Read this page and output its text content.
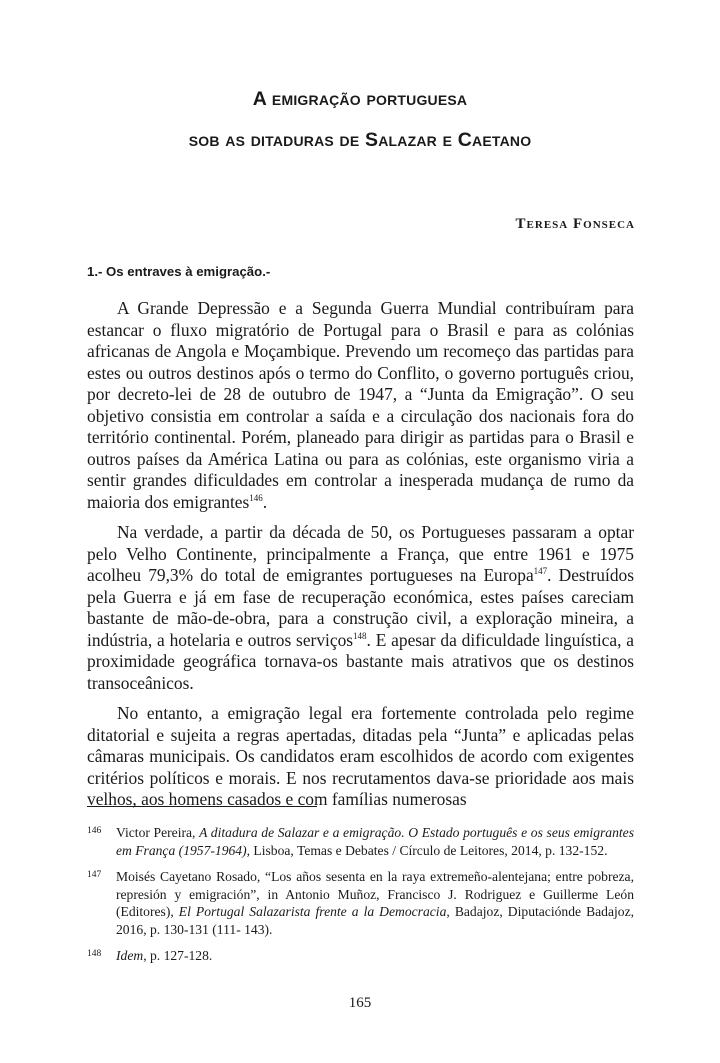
A emigração portuguesa
sob as ditaduras de Salazar e Caetano
Teresa Fonseca
1.- Os entraves à emigração.-

A Grande Depressão e a Segunda Guerra Mundial contribuíram para estancar o fluxo migratório de Portugal para o Brasil e para as colónias africanas de Angola e Moçambique. Prevendo um recomeço das partidas para estes ou outros destinos após o termo do Conflito, o governo português criou, por decreto-lei de 28 de outubro de 1947, a “Junta da Emigração”. O seu objetivo consistia em controlar a saída e a circulação dos nacionais fora do território continental. Porém, planeado para dirigir as partidas para o Brasil e outros países da América Latina ou para as colónias, este organismo viria a sentir grandes dificuldades em controlar a inesperada mudança de rumo da maioria dos emigrantes$^{146}$.

Na verdade, a partir da década de 50, os Portugueses passaram a optar pelo Velho Continente, principalmente a França, que entre 1961 e 1975 acolheu 79,3% do total de emigrantes portugueses na Europa$^{147}$. Destruídos pela Guerra e já em fase de recuperação económica, estes países careciam bastante de mão-de-obra, para a construção civil, a exploração mineira, a indústria, a hotelaria e outros serviços$^{148}$. E apesar da dificuldade linguística, a proximidade geográfica tornava-os bastante mais atrativos que os destinos transoceânicos.

No entanto, a emigração legal era fortemente controlada pelo regime ditatorial e sujeita a regras apertadas, ditadas pela “Junta” e aplicadas pelas câmaras municipais. Os candidatos eram escolhidos de acordo com exigentes critérios políticos e morais. E nos recrutamentos dava-se prioridade aos mais velhos, aos homens casados e com famílias numerosas

146	Victor Pereira, A ditadura de Salazar e a emigração. O Estado português e os seus emigrantes em França (1957-1964), Lisboa, Temas e Debates / Círculo de Leitores, 2014, p. 132-152.
147	Moisés Cayetano Rosado, “Los años sesenta en la raya extremeño-alentejana; entre pobreza, represión y emigración”, in Antonio Muñoz, Francisco J. Rodriguez e Guillerme León (Editores), El Portugal Salazarista frente a la Democracia, Badajoz, Diputaciónde Badajoz, 2016, p. 130-131 (111- 143).
148	Idem, p. 127-128.
165
